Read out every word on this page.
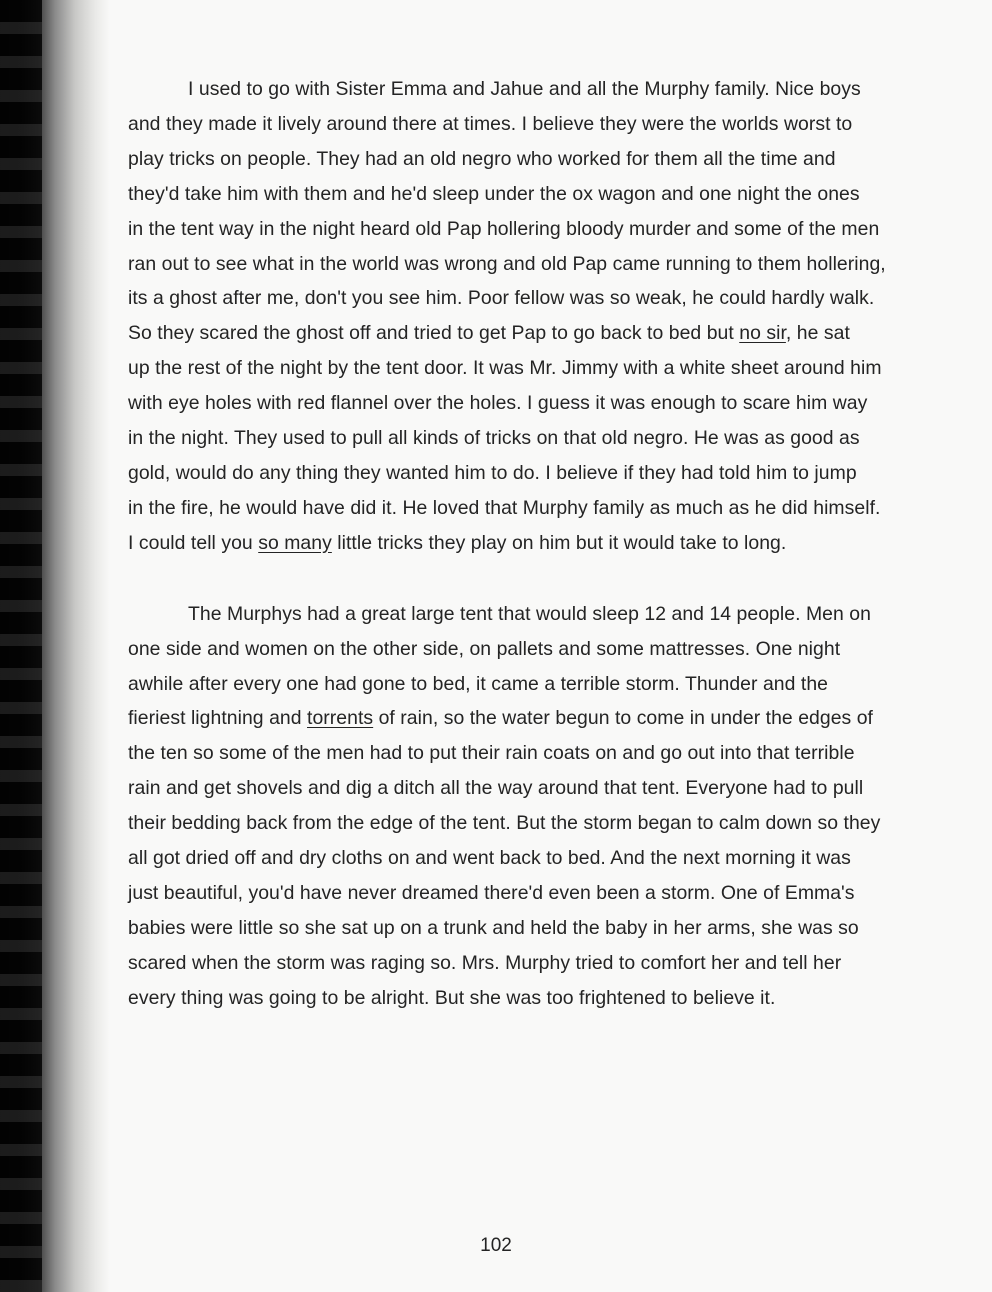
I used to go with Sister Emma and Jahue and all the Murphy family. Nice boys
and they made it lively around there at times. I believe they were the worlds worst to
play tricks on people. They had an old negro who worked for them all the time and
they'd take him with them and he'd sleep under the ox wagon and one night the ones
in the tent way in the night heard old Pap hollering bloody murder and some of the men
ran out to see what in the world was wrong and old Pap came running to them hollering,
its a ghost after me, don't you see him. Poor fellow was so weak, he could hardly walk.
So they scared the ghost off and tried to get Pap to go back to bed but no sir, he sat
up the rest of the night by the tent door. It was Mr. Jimmy with a white sheet around him
with eye holes with red flannel over the holes. I guess it was enough to scare him way
in the night. They used to pull all kinds of tricks on that old negro. He was as good as
gold, would do any thing they wanted him to do. I believe if they had told him to jump
in the fire, he would have did it. He loved that Murphy family as much as he did himself.
I could tell you so many little tricks they play on him but it would take to long.

The Murphys had a great large tent that would sleep 12 and 14 people. Men on
one side and women on the other side, on pallets and some mattresses. One night
awhile after every one had gone to bed, it came a terrible storm. Thunder and the
fieriest lightning and torrents of rain, so the water begun to come in under the edges of
the ten so some of the men had to put their rain coats on and go out into that terrible
rain and get shovels and dig a ditch all the way around that tent. Everyone had to pull
their bedding back from the edge of the tent. But the storm began to calm down so they
all got dried off and dry cloths on and went back to bed. And the next morning it was
just beautiful, you'd have never dreamed there'd even been a storm. One of Emma's
babies were little so she sat up on a trunk and held the baby in her arms, she was so
scared when the storm was raging so. Mrs. Murphy tried to comfort her and tell her
every thing was going to be alright. But she was too frightened to believe it.

102
